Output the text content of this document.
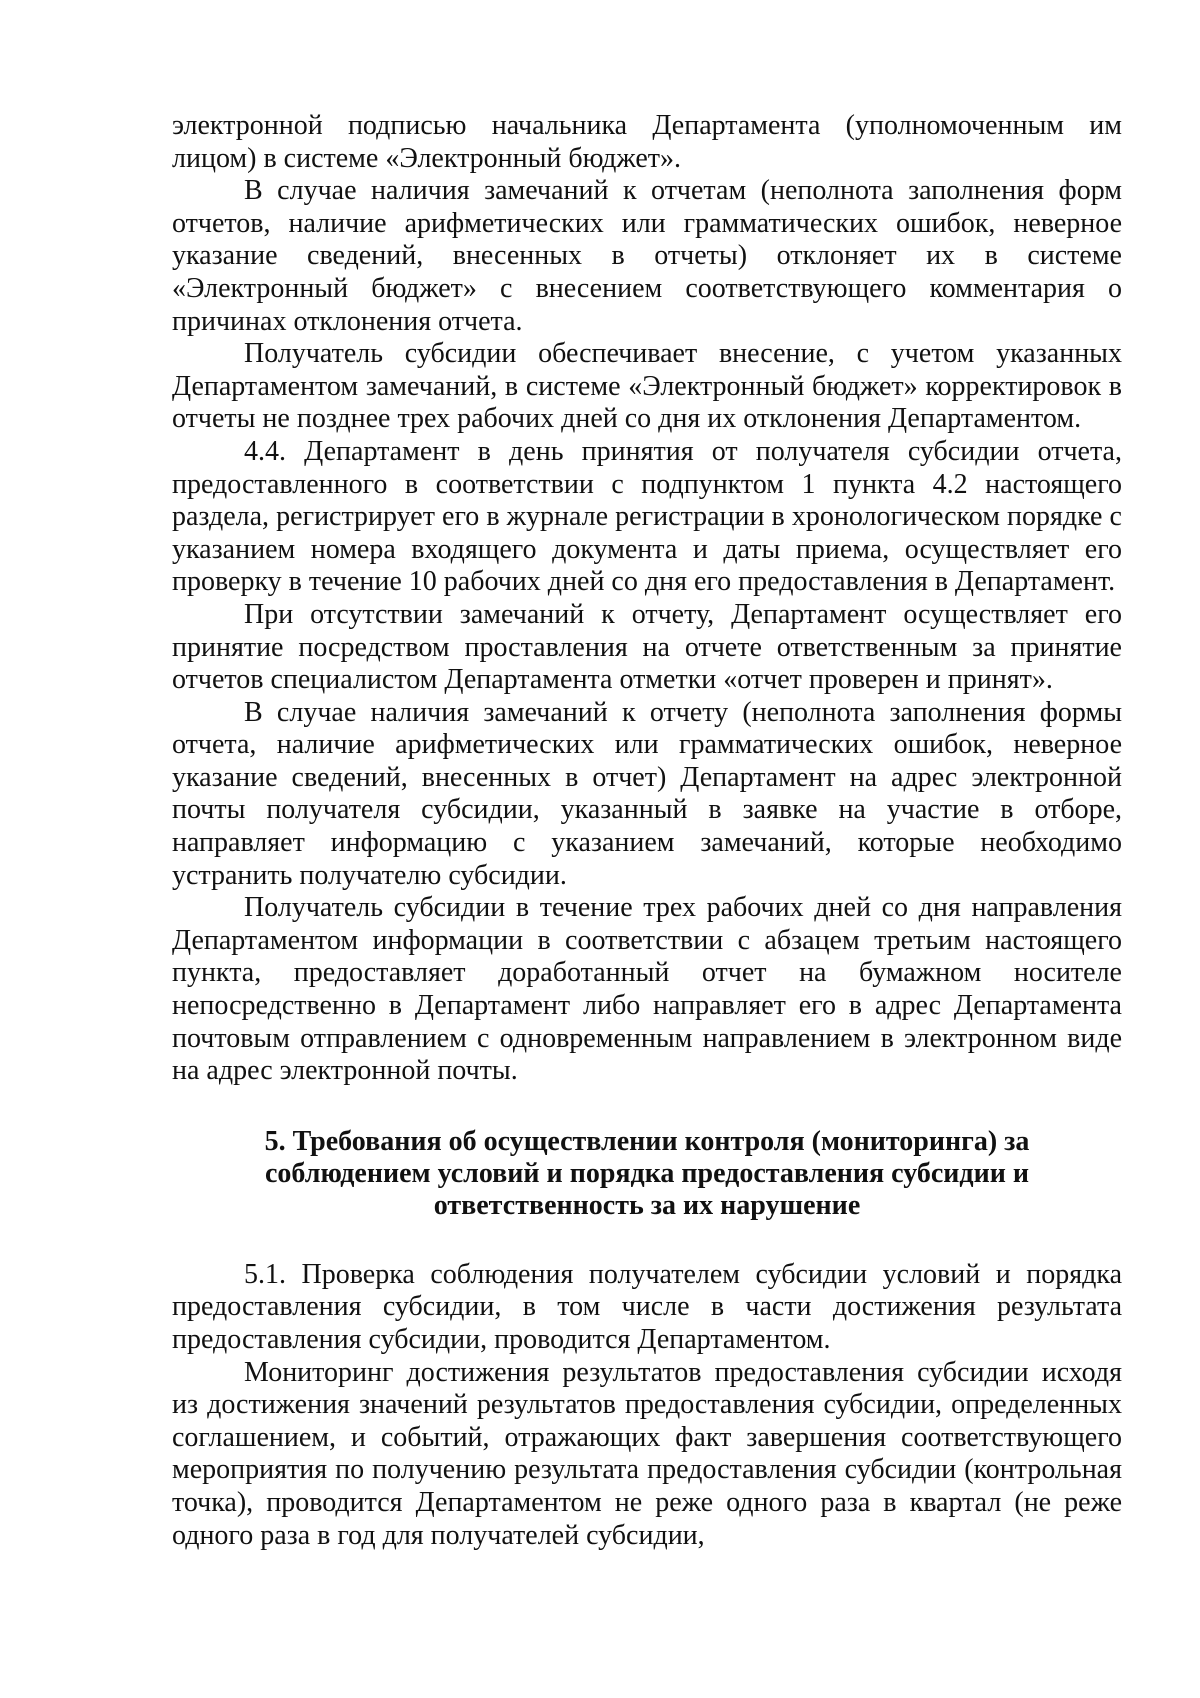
электронной подписью начальника Департамента (уполномоченным им лицом) в системе «Электронный бюджет».

В случае наличия замечаний к отчетам (неполнота заполнения форм отчетов, наличие арифметических или грамматических ошибок, неверное указание сведений, внесенных в отчеты) отклоняет их в системе «Электронный бюджет» с внесением соответствующего комментария о причинах отклонения отчета.

Получатель субсидии обеспечивает внесение, с учетом указанных Департаментом замечаний, в системе «Электронный бюджет» корректировок в отчеты не позднее трех рабочих дней со дня их отклонения Департаментом.

4.4. Департамент в день принятия от получателя субсидии отчета, предоставленного в соответствии с подпунктом 1 пункта 4.2 настоящего раздела, регистрирует его в журнале регистрации в хронологическом порядке с указанием номера входящего документа и даты приема, осуществляет его проверку в течение 10 рабочих дней со дня его предоставления в Департамент.

При отсутствии замечаний к отчету, Департамент осуществляет его принятие посредством проставления на отчете ответственным за принятие отчетов специалистом Департамента отметки «отчет проверен и принят».

В случае наличия замечаний к отчету (неполнота заполнения формы отчета, наличие арифметических или грамматических ошибок, неверное указание сведений, внесенных в отчет) Департамент на адрес электронной почты получателя субсидии, указанный в заявке на участие в отборе, направляет информацию с указанием замечаний, которые необходимо устранить получателю субсидии.

Получатель субсидии в течение трех рабочих дней со дня направления Департаментом информации в соответствии с абзацем третьим настоящего пункта, предоставляет доработанный отчет на бумажном носителе непосредственно в Департамент либо направляет его в адрес Департамента почтовым отправлением с одновременным направлением в электронном виде на адрес электронной почты.

5. Требования об осуществлении контроля (мониторинга) за
соблюдением условий и порядка предоставления субсидии и
ответственность за их нарушение

5.1. Проверка соблюдения получателем субсидии условий и порядка предоставления субсидии, в том числе в части достижения результата предоставления субсидии, проводится Департаментом.

Мониторинг достижения результатов предоставления субсидии исходя из достижения значений результатов предоставления субсидии, определенных соглашением, и событий, отражающих факт завершения соответствующего мероприятия по получению результата предоставления субсидии (контрольная точка), проводится Департаментом не реже одного раза в квартал (не реже одного раза в год для получателей субсидии,
